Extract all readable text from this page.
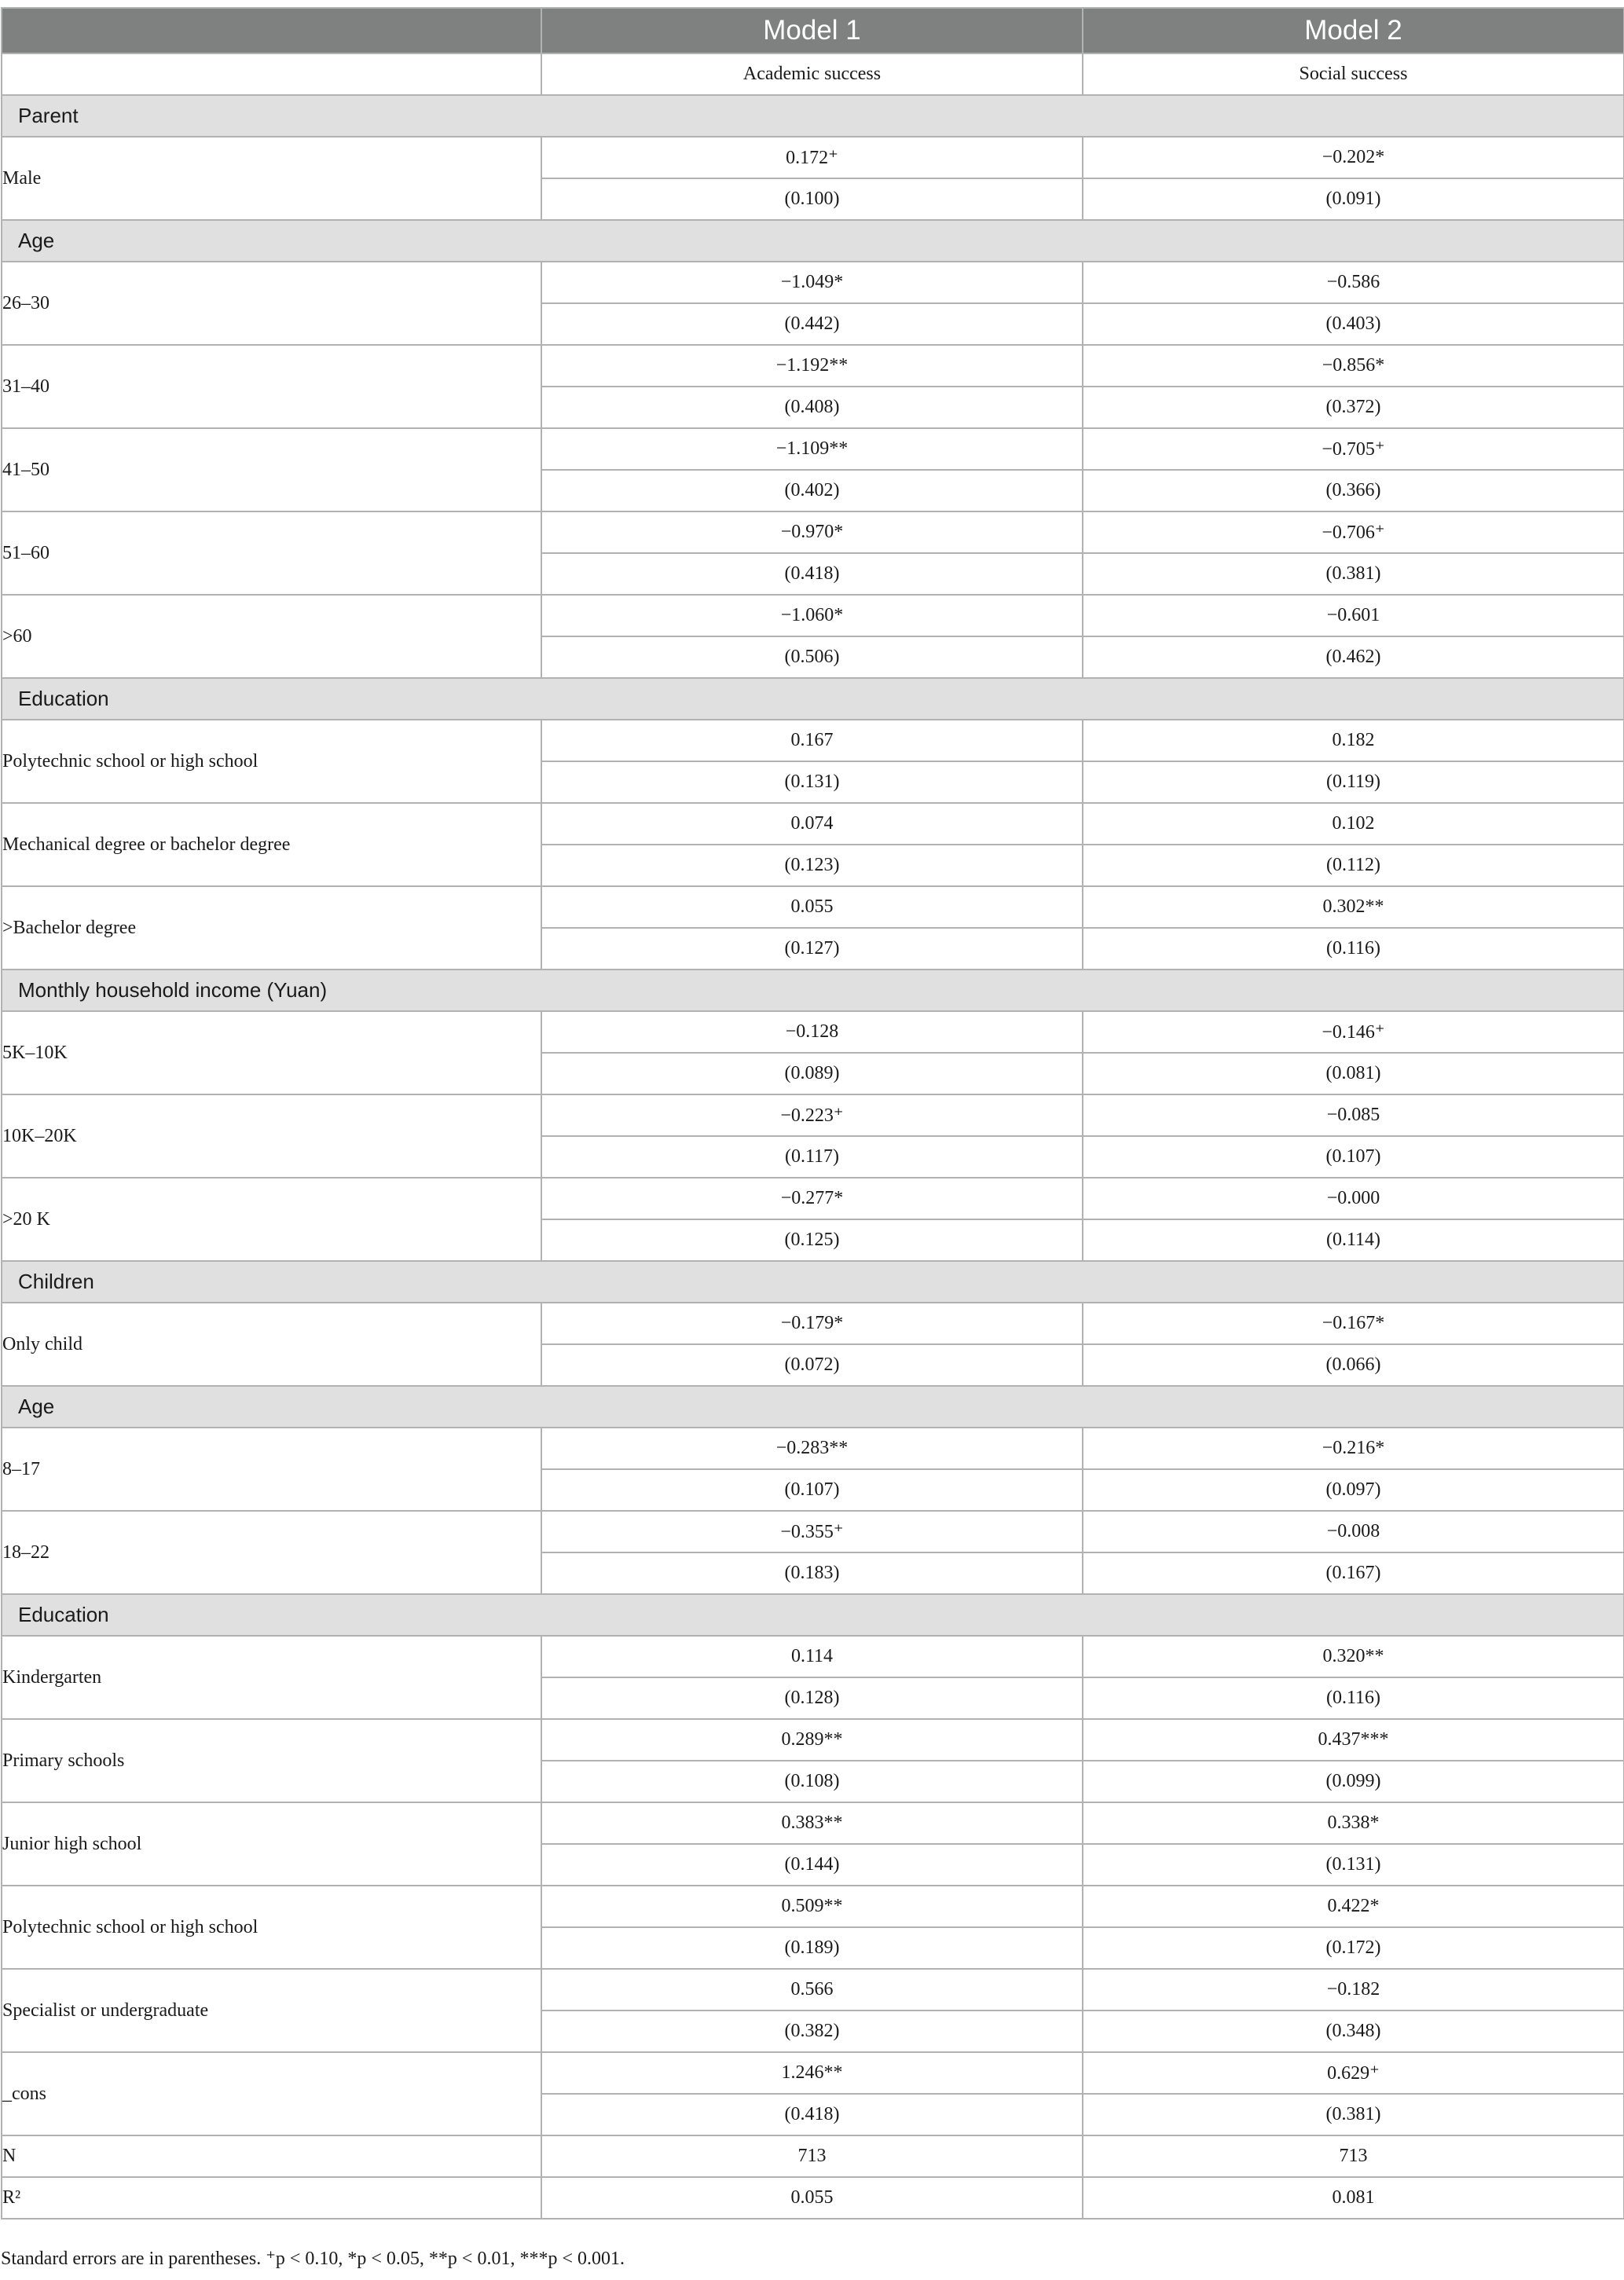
	Model 1	Model 2
	Academic success	Social success
Parent		
Male	0.172⁺	−0.202*
	(0.100)	(0.091)
Age		
26–30	−1.049*	−0.586
	(0.442)	(0.403)
31–40	−1.192**	−0.856*
	(0.408)	(0.372)
41–50	−1.109**	−0.705⁺
	(0.402)	(0.366)
51–60	−0.970*	−0.706⁺
	(0.418)	(0.381)
>60	−1.060*	−0.601
	(0.506)	(0.462)
Education		
Polytechnic school or high school	0.167	0.182
	(0.131)	(0.119)
Mechanical degree or bachelor degree	0.074	0.102
	(0.123)	(0.112)
>Bachelor degree	0.055	0.302**
	(0.127)	(0.116)
Monthly household income (Yuan)		
5K–10K	−0.128	−0.146⁺
	(0.089)	(0.081)
10K–20K	−0.223⁺	−0.085
	(0.117)	(0.107)
>20 K	−0.277*	−0.000
	(0.125)	(0.114)
Children		
Only child	−0.179*	−0.167*
	(0.072)	(0.066)
Age		
8–17	−0.283**	−0.216*
	(0.107)	(0.097)
18–22	−0.355⁺	−0.008
	(0.183)	(0.167)
Education		
Kindergarten	0.114	0.320**
	(0.128)	(0.116)
Primary schools	0.289**	0.437***
	(0.108)	(0.099)
Junior high school	0.383**	0.338*
	(0.144)	(0.131)
Polytechnic school or high school	0.509**	0.422*
	(0.189)	(0.172)
Specialist or undergraduate	0.566	−0.182
	(0.382)	(0.348)
_cons	1.246**	0.629⁺
	(0.418)	(0.381)
N	713	713
R²	0.055	0.081
Standard errors are in parentheses. ⁺p < 0.10, *p < 0.05, **p < 0.01, ***p < 0.001.
